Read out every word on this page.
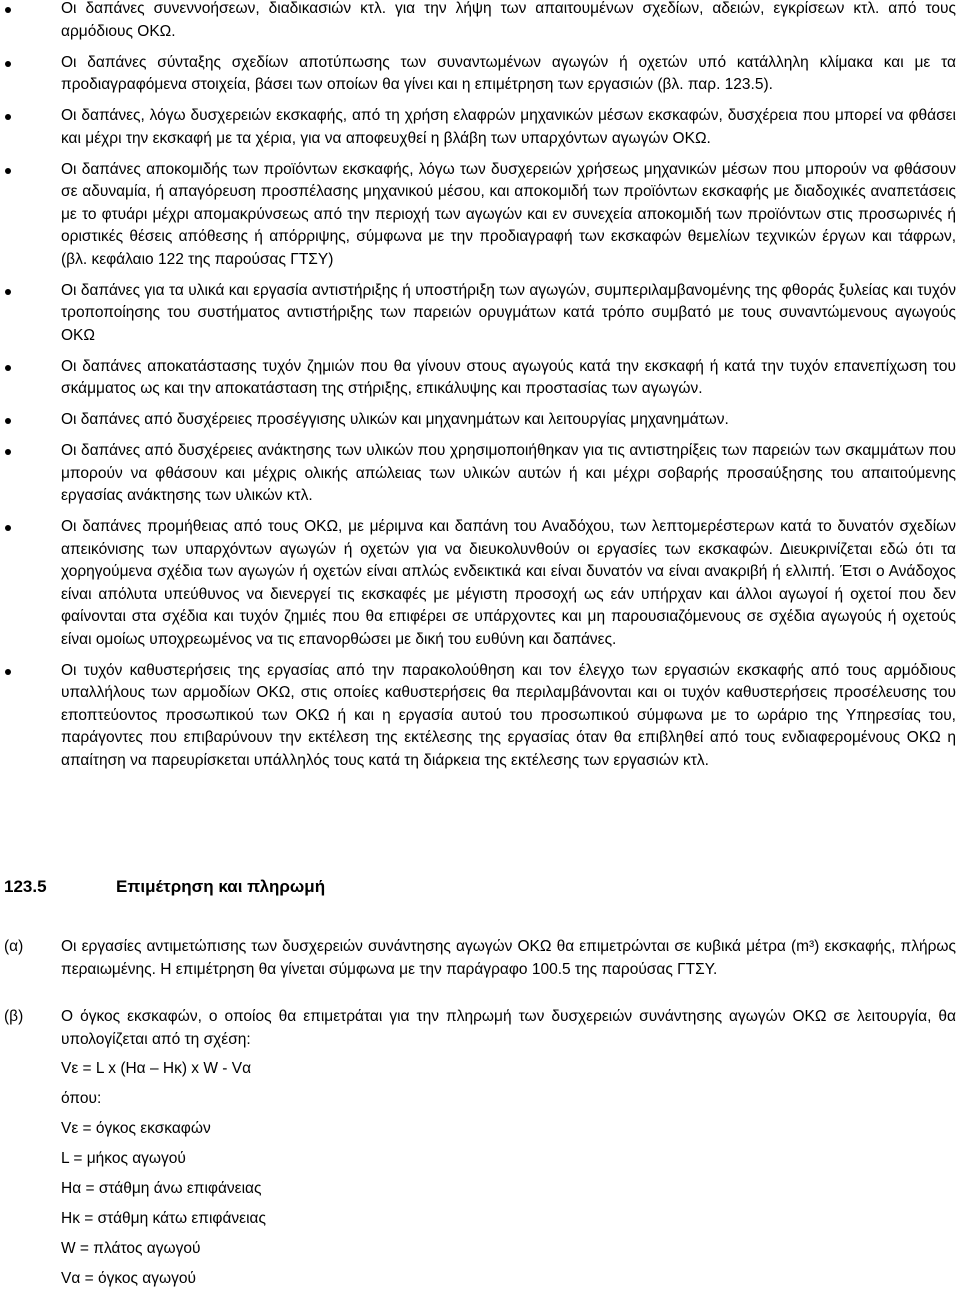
Οι δαπάνες συνεννοήσεων, διαδικασιών κτλ. για την λήψη των απαιτουμένων σχεδίων, αδειών, εγκρίσεων κτλ. από τους αρμόδιους ΟΚΩ.
Οι δαπάνες σύνταξης σχεδίων αποτύπωσης των συναντωμένων αγωγών ή οχετών υπό κατάλληλη κλίμακα και με τα προδιαγραφόμενα στοιχεία, βάσει των οποίων θα γίνει και η επιμέτρηση των εργασιών (βλ. παρ. 123.5).
Οι δαπάνες, λόγω δυσχερειών εκσκαφής, από τη χρήση ελαφρών μηχανικών μέσων εκσκαφών, δυσχέρεια που μπορεί να φθάσει και μέχρι την εκσκαφή με τα χέρια, για να αποφευχθεί η βλάβη των υπαρχόντων αγωγών ΟΚΩ.
Οι δαπάνες αποκομιδής των προϊόντων εκσκαφής, λόγω των δυσχερειών χρήσεως μηχανικών μέσων που μπορούν να φθάσουν σε αδυναμία, ή απαγόρευση προσπέλασης μηχανικού μέσου, και αποκομιδή των προϊόντων εκσκαφής με διαδοχικές αναπετάσεις με το φτυάρι μέχρι απομακρύνσεως από την περιοχή των αγωγών και εν συνεχεία αποκομιδή των προϊόντων στις προσωρινές ή οριστικές θέσεις απόθεσης ή απόρριψης, σύμφωνα με την προδιαγραφή των εκσκαφών θεμελίων τεχνικών έργων και τάφρων, (βλ. κεφάλαιο 122 της παρούσας ΓΤΣΥ)
Οι δαπάνες για τα υλικά και εργασία αντιστήριξης ή υποστήριξη των αγωγών, συμπεριλαμβανομένης της φθοράς ξυλείας και τυχόν τροποποίησης του συστήματος αντιστήριξης των παρειών ορυγμάτων κατά τρόπο συμβατό με τους συναντώμενους αγωγούς ΟΚΩ
Οι δαπάνες αποκατάστασης τυχόν ζημιών που θα γίνουν στους αγωγούς κατά την εκσκαφή ή κατά την τυχόν επανεπίχωση του σκάμματος ως και την αποκατάσταση της στήριξης, επικάλυψης και προστασίας των αγωγών.
Οι δαπάνες από δυσχέρειες προσέγγισης υλικών και μηχανημάτων και λειτουργίας μηχανημάτων.
Οι δαπάνες από δυσχέρειες ανάκτησης των υλικών που χρησιμοποιήθηκαν για τις αντιστηρίξεις των παρειών των σκαμμάτων που μπορούν να φθάσουν και μέχρις ολικής απώλειας των υλικών αυτών ή και μέχρι σοβαρής προσαύξησης του απαιτούμενης εργασίας ανάκτησης των υλικών κτλ.
Οι δαπάνες προμήθειας από τους ΟΚΩ, με μέριμνα και δαπάνη του Αναδόχου, των λεπτομερέστερων κατά το δυνατόν σχεδίων απεικόνισης των υπαρχόντων αγωγών ή οχετών για να διευκολυνθούν οι εργασίες των εκσκαφών. Διευκρινίζεται εδώ ότι τα χορηγούμενα σχέδια των αγωγών ή οχετών είναι απλώς ενδεικτικά και είναι δυνατόν να είναι ανακριβή ή ελλιπή. Έτσι ο Ανάδοχος είναι απόλυτα υπεύθυνος να διενεργεί τις εκσκαφές με μέγιστη προσοχή ως εάν υπήρχαν και άλλοι αγωγοί ή οχετοί που δεν φαίνονται στα σχέδια και τυχόν ζημιές που θα επιφέρει σε υπάρχοντες και μη παρουσιαζόμενους σε σχέδια αγωγούς ή οχετούς είναι ομοίως υποχρεωμένος να τις επανορθώσει με δική του ευθύνη και δαπάνες.
Οι τυχόν καθυστερήσεις της εργασίας από την παρακολούθηση και τον έλεγχο των εργασιών εκσκαφής από τους αρμόδιους υπαλλήλους των αρμοδίων ΟΚΩ, στις οποίες καθυστερήσεις θα περιλαμβάνονται και οι τυχόν καθυστερήσεις προσέλευσης του εποπτεύοντος προσωπικού των ΟΚΩ ή και η εργασία αυτού του προσωπικού σύμφωνα με το ωράριο της Υπηρεσίας του, παράγοντες που επιβαρύνουν την εκτέλεση της εκτέλεσης της εργασίας όταν θα επιβληθεί από τους ενδιαφερομένους ΟΚΩ η απαίτηση να παρευρίσκεται υπάλληλός τους κατά τη διάρκεια της εκτέλεσης των εργασιών κτλ.
123.5	Επιμέτρηση και πληρωμή
(α) Οι εργασίες αντιμετώπισης των δυσχερειών συνάντησης αγωγών ΟΚΩ θα επιμετρώνται σε κυβικά μέτρα (m³) εκσκαφής, πλήρως περαιωμένης. Η επιμέτρηση θα γίνεται σύμφωνα με την παράγραφο 100.5 της παρούσας ΓΤΣΥ.
(β) Ο όγκος εκσκαφών, ο οποίος θα επιμετράται για την πληρωμή των δυσχερειών συνάντησης αγωγών ΟΚΩ σε λειτουργία, θα υπολογίζεται από τη σχέση:
Vε = L x (Hα – Hκ) x W - Vα
όπου:
Vε = όγκος εκσκαφών
L = μήκος αγωγού
Hα = στάθμη άνω επιφάνειας
Hκ = στάθμη κάτω επιφάνειας
W = πλάτος αγωγού
Vα = όγκος αγωγού
